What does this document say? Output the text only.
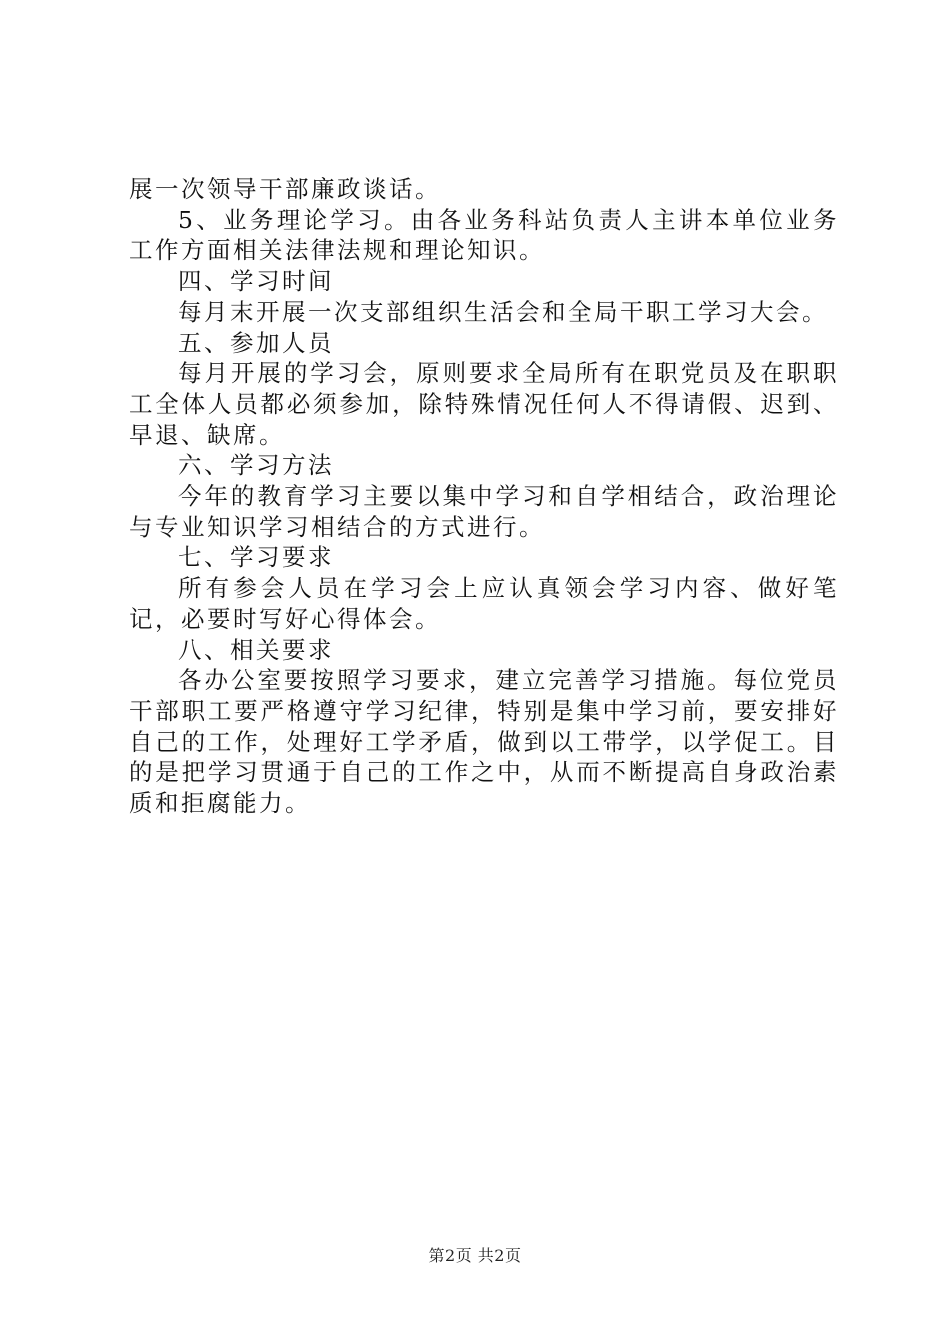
展一次领导干部廉政谈话。

5、业务理论学习。由各业务科站负责人主讲本单位业务工作方面相关法律法规和理论知识。

四、学习时间

每月末开展一次支部组织生活会和全局干职工学习大会。

五、参加人员

每月开展的学习会，原则要求全局所有在职党员及在职职工全体人员都必须参加，除特殊情况任何人不得请假、迟到、早退、缺席。

六、学习方法

今年的教育学习主要以集中学习和自学相结合，政治理论与专业知识学习相结合的方式进行。

七、学习要求

所有参会人员在学习会上应认真领会学习内容、做好笔记，必要时写好心得体会。

八、相关要求

各办公室要按照学习要求，建立完善学习措施。每位党员干部职工要严格遵守学习纪律，特别是集中学习前，要安排好自己的工作，处理好工学矛盾，做到以工带学，以学促工。目的是把学习贯通于自己的工作之中，从而不断提高自身政治素质和拒腐能力。

第2页 共2页
